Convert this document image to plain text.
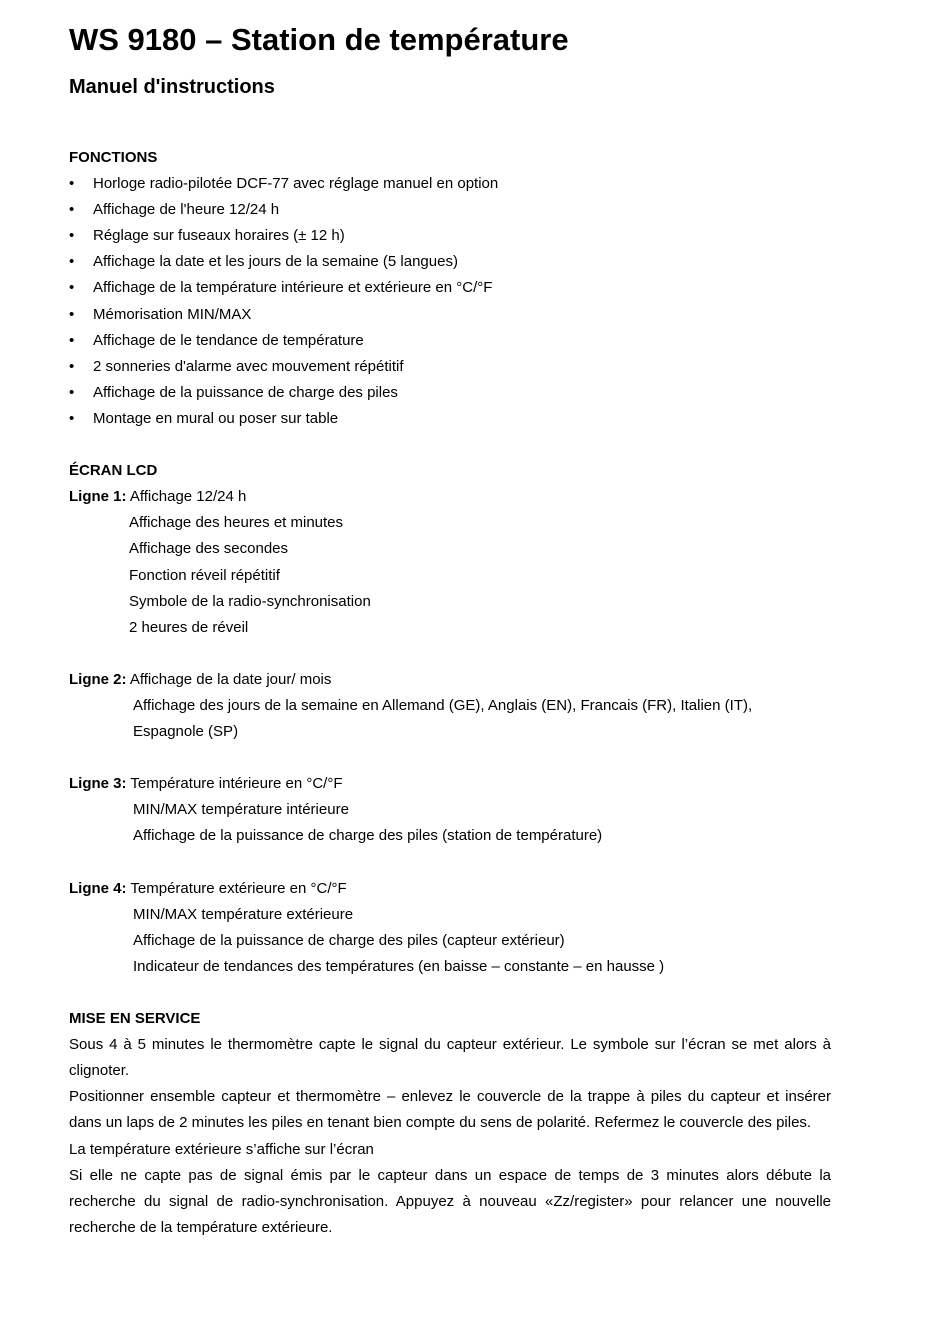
WS 9180 – Station de température
Manuel d'instructions
FONCTIONS
• Horloge radio-pilotée DCF-77 avec réglage manuel en option
• Affichage de l'heure 12/24 h
• Réglage sur fuseaux horaires (± 12 h)
• Affichage la date et les jours de la semaine (5 langues)
• Affichage de la température intérieure et extérieure en °C/°F
• Mémorisation MIN/MAX
• Affichage de le tendance de température
• 2 sonneries d'alarme avec mouvement répétitif
• Affichage de la puissance de charge des piles
• Montage en mural ou poser sur table
ÉCRAN LCD
Ligne 1: Affichage 12/24 h
Affichage des heures et minutes
Affichage des secondes
Fonction réveil répétitif
Symbole de la radio-synchronisation
2 heures de réveil
Ligne 2: Affichage de la date jour/ mois
Affichage des jours de la semaine en Allemand (GE), Anglais (EN), Francais (FR), Italien (IT),
Espagnole (SP)
Ligne 3: Température intérieure en °C/°F
MIN/MAX température intérieure
Affichage de la puissance de charge des piles (station de température)
Ligne 4: Température extérieure en °C/°F
MIN/MAX température extérieure
Affichage de la puissance de charge des piles (capteur extérieur)
Indicateur de tendances des températures (en baisse – constante – en hausse )
MISE EN SERVICE
Sous 4 à 5 minutes le thermomètre capte le signal du capteur extérieur. Le symbole sur l’écran se met alors à clignoter.
Positionner ensemble capteur et thermomètre – enlevez le couvercle de la trappe à piles du capteur et insérer dans un laps de 2 minutes les piles en tenant bien compte du sens de polarité. Refermez le couvercle des piles.
La température extérieure s’affiche sur l’écran
Si elle ne capte pas de signal émis par le capteur dans un espace de temps de 3 minutes alors débute la recherche du signal de radio-synchronisation. Appuyez à nouveau «Zz/register» pour relancer une nouvelle recherche de la température extérieure.
